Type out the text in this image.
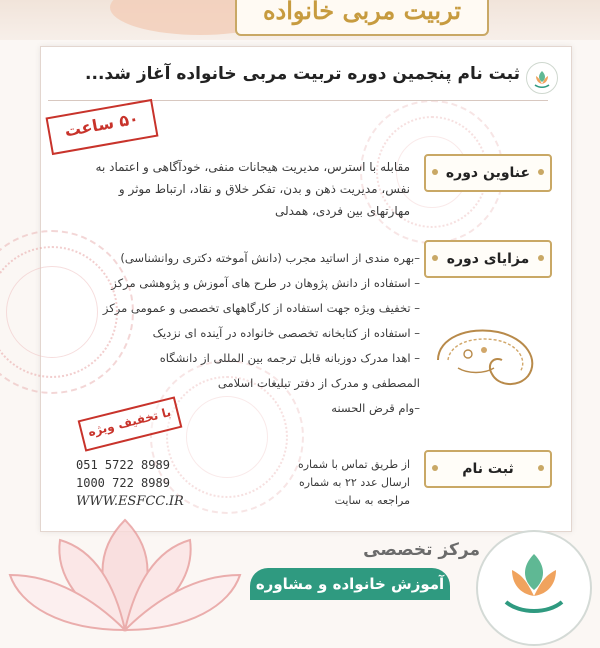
تربیت مربی خانواده
ثبت نام پنجمین دوره تربیت مربی خانواده آغاز شد...
۵۰ ساعت
عناوین دوره
مقابله با استرس، مدیریت هیجانات منفی، خودآگاهی و اعتماد به نفس، مدیریت ذهن و بدن، تفکر خلاق و نقاد، ارتباط موثر و مهارتهای بین فردی، همدلی
مزایای دوره
–بهره مندی از اساتید مجرب (دانش آموخته دکتری روانشناسی)
– استفاده از دانش پژوهان در طرح های آموزش و پژوهشی مرکز
– تخفیف ویژه جهت استفاده از کارگاههای تخصصی و عمومی مرکز
– استفاده از کتابخانه تخصصی خانواده در آینده ای نزدیک
– اهدا مدرک دوزبانه قابل ترجمه بین المللی از دانشگاه
المصطفی و مدرک از دفتر تبلیغات اسلامی
–وام قرض الحسنه
با تخفیف ویژه
ثبت نام
از طریق تماس با شماره
ارسال عدد ۲۲ به شماره
مراجعه به سایت
051 5722 8989
1000 722 8989
WWW.ESFCC.IR
مرکز تخصصی
آموزش خانواده و مشاوره
